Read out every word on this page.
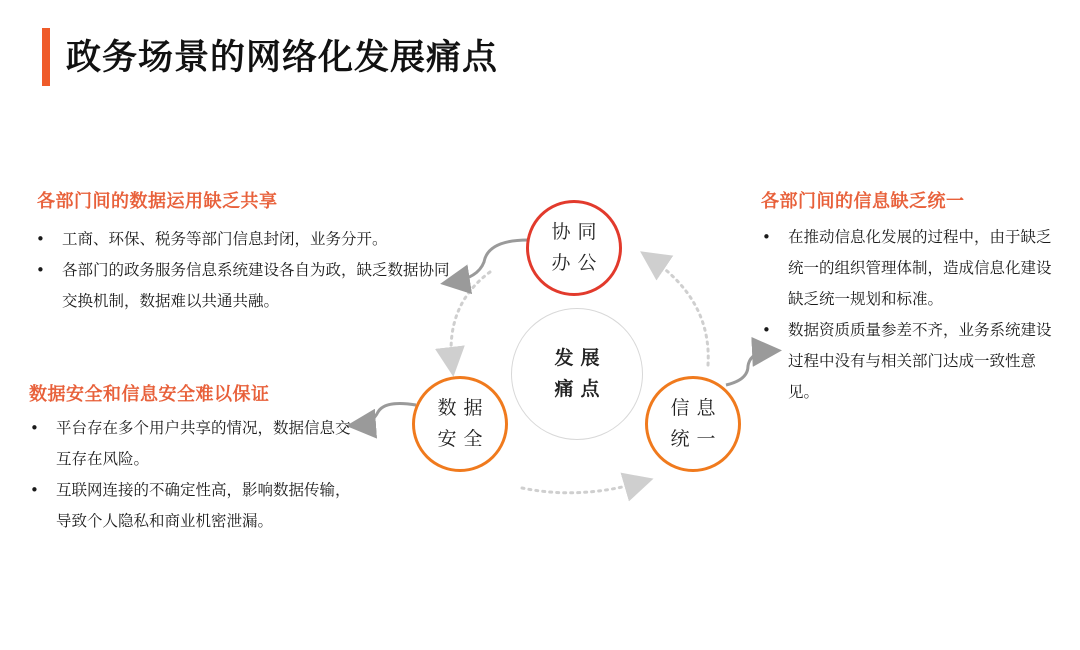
政务场景的网络化发展痛点
协同办公
发展痛点
数据安全
信息统一
各部门间的数据运用缺乏共享
• 工商、环保、税务等部门信息封闭，业务分开。
• 各部门的政务服务信息系统建设各自为政，缺乏数据协同交换机制，数据难以共通共融。
数据安全和信息安全难以保证
• 平台存在多个用户共享的情况，数据信息交互存在风险。
• 互联网连接的不确定性高，影响数据传输，导致个人隐私和商业机密泄漏。
各部门间的信息缺乏统一
• 在推动信息化发展的过程中，由于缺乏统一的组织管理体制，造成信息化建设缺乏统一规划和标准。
• 数据资质质量参差不齐，业务系统建设过程中没有与相关部门达成一致性意见。
